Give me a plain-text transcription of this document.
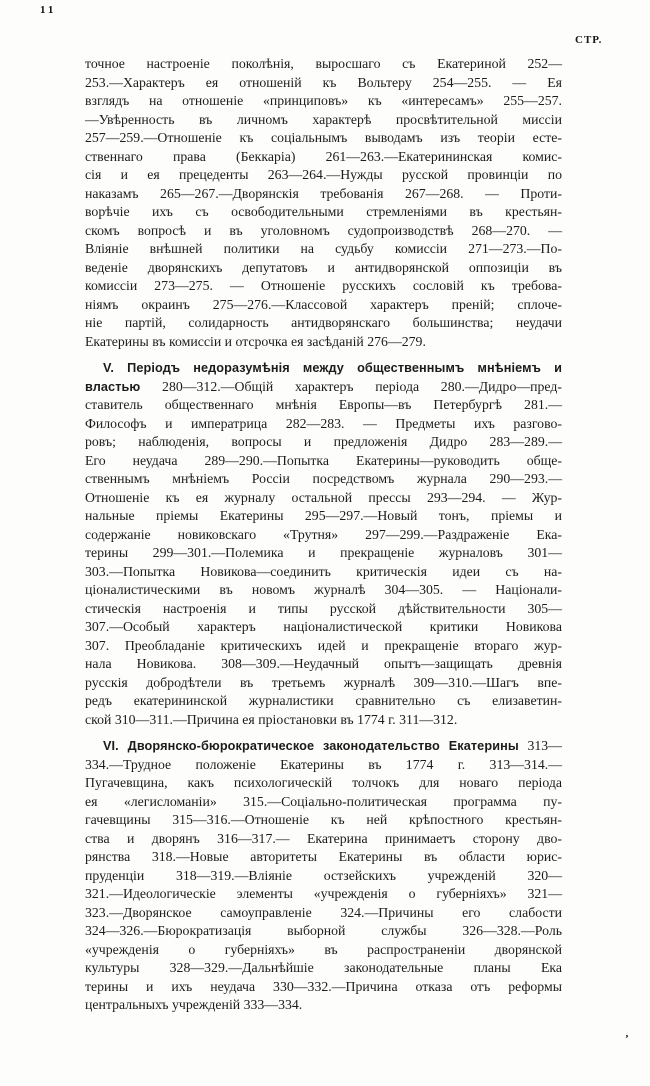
11
СТР.
точное настроеніе поколѣнія, выросшаго съ Екатериной 252—
253.—Характеръ ея отношеній къ Вольтеру 254—255. — Ея
взглядъ на отношеніе «принциповъ» къ «интересамъ» 255—257.
—Увѣренность въ личномъ характерѣ просвѣтительной миссіи
257—259.—Отношеніе къ соціальнымъ выводамъ изъ теоріи есте-
ственнаго права (Беккаріа) 261—263.—Екатерининская комис-
сія и ея прецеденты 263—264.—Нужды русской провинціи по
наказамъ 265—267.—Дворянскія требованія 267—268. — Проти-
ворѣчіе ихъ съ освободительными стремленіями въ крестьян-
скомъ вопросѣ и въ уголовномъ судопроизводствѣ 268—270. —
Вліяніе внѣшней политики на судьбу комиссіи 271—273.—По-
веденіе дворянскихъ депутатовъ и антидворянской оппозиціи въ
комиссіи 273—275. — Отношеніе русскихъ сословій къ требова-
ніямъ окраинъ 275—276.—Классовой характеръ преній; сплоче-
ніе партій, солидарность антидворянскаго большинства; неудачи
Екатерины въ комиссіи и отсрочка ея засѣданій 276—279.
V. Періодъ недоразумѣнія между общественнымъ мнѣніемъ и
властью 280—312.—Общій характеръ періода 280.—Дидро—пред-
ставитель общественнаго мнѣнія Европы—въ Петербургѣ 281.—
Философъ и императрица 282—283. — Предметы ихъ разгово-
ровъ; наблюденія, вопросы и предложенія Дидро 283—289.—
Его неудача 289—290.—Попытка Екатерины—руководить обще-
ственнымъ мнѣніемъ Россіи посредствомъ журнала 290—293.—
Отношеніе къ ея журналу остальной прессы 293—294. — Жур-
нальные пріемы Екатерины 295—297.—Новый тонъ, пріемы и
содержаніе новиковскаго «Трутня» 297—299.—Раздраженіе Ека-
терины 299—301.—Полемика и прекращеніе журналовъ 301—
303.—Попытка Новикова—соединить критическія идеи съ на-
ціоналистическими въ новомъ журналѣ 304—305. — Націонали-
стическія настроенія и типы русской дѣйствительности 305—
307.—Особый характеръ націоналистической критики Новикова
307. Преобладаніе критическихъ идей и прекращеніе втораго жур-
нала Новикова. 308—309.—Неудачный опытъ—защищать древнія
русскія добродѣтели въ третьемъ журналѣ 309—310.—Шагъ впе-
редъ екатерининской журналистики сравнительно съ елизаветин-
ской 310—311.—Причина ея пріостановки въ 1774 г. 311—312.
VI. Дворянско-бюрократическое законодательство Екатерины 313—
334.—Трудное положеніе Екатерины въ 1774 г. 313—314.—
Пугачевщина, какъ психологическій толчокъ для новаго періода
ея «легисломаніи» 315.—Соціально-политическая программа пу-
гачевщины 315—316.—Отношеніе къ ней крѣпостного крестьян-
ства и дворянъ 316—317.— Екатерина принимаетъ сторону дво-
рянства 318.—Новые авторитеты Екатерины въ области юрис-
пруденціи 318—319.—Вліяніе остзейскихъ учрежденій 320—
321.—Идеологическіе элементы «учрежденія о губерніяхъ» 321—
323.—Дворянское самоуправленіе 324.—Причины его слабости
324—326.—Бюрократизація выборной службы 326—328.—Роль
«учрежденія о губерніяхъ» въ распространеніи дворянской
культуры 328—329.—Дальнѣйшіе законодательные планы Ека
терины и ихъ неудача 330—332.—Причина отказа отъ реформы
центральныхъ учрежденій 333—334.
’
